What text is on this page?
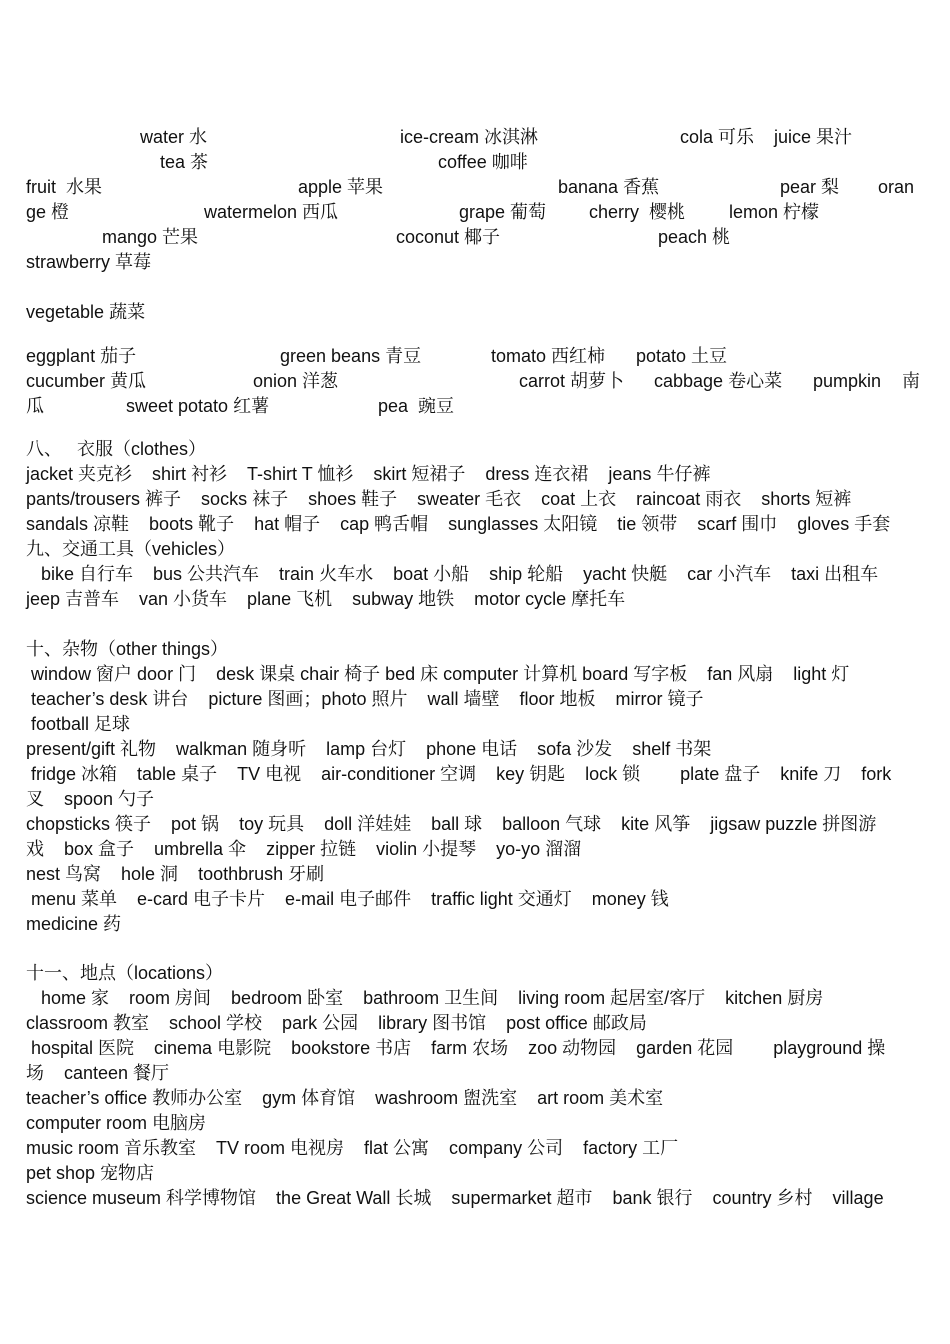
water 水	ice-cream 冰淇淋	cola 可乐    juice 果汁
tea 茶	coffee 咖啡
fruit  水果	apple 苹果	banana 香蕉	pear 梨 oran
ge 橙	watermelon 西瓜	grape 葡萄 cherry  樱桃 lemon 柠檬
mango 芒果	coconut 椰子	peach 桃
strawberry 草莓
vegetable 蔬菜
eggplant 茄子	green beans 青豆	tomato 西红柿 potato 土豆
cucumber 黄瓜	onion 洋葱	carrot 胡萝卜 cabbage 卷心菜 pumpkin 南
瓜	sweet potato 红薯	pea  豌豆
八、   衣服（clothes）
jacket 夹克衫    shirt 衬衫    T-shirt T 恤衫    skirt 短裙子    dress 连衣裙    jeans 牛仔裤
pants/trousers 裤子    socks 袜子    shoes 鞋子    sweater 毛衣    coat 上衣    raincoat 雨衣    shorts 短裤
sandals 凉鞋    boots 靴子    hat 帽子    cap 鸭舌帽    sunglasses 太阳镜    tie 领带    scarf 围巾    gloves 手套
九、交通工具（vehicles）
bike 自行车    bus 公共汽车    train 火车水    boat 小船    ship 轮船    yacht 快艇    car 小汽车    taxi 出租车
jeep 吉普车    van 小货车    plane 飞机    subway 地铁    motor cycle 摩托车
十、杂物（other things）
window 窗户 door 门    desk 课桌 chair 椅子 bed 床 computer 计算机 board 写字板    fan 风扇    light 灯
teacher’s desk 讲台    picture 图画；photo 照片    wall 墙壁    floor 地板    mirror 镜子
football 足球
present/gift 礼物    walkman 随身听    lamp 台灯    phone 电话    sofa 沙发    shelf 书架
fridge 冰箱    table 桌子    TV 电视    air-conditioner 空调    key 钥匙    lock 锁        plate 盘子    knife 刀    fork
叉    spoon 勺子
chopsticks 筷子    pot 锅    toy 玩具    doll 洋娃娃    ball 球    balloon 气球    kite 风筝    jigsaw puzzle 拼图游
戏    box 盒子    umbrella 伞    zipper 拉链    violin 小提琴    yo-yo 溜溜
nest 鸟窝    hole 洞    toothbrush 牙刷
menu 菜单    e-card 电子卡片    e-mail 电子邮件    traffic light 交通灯    money 钱
medicine 药
十一、地点（locations）
home 家    room 房间    bedroom 卧室    bathroom 卫生间    living room 起居室/客厅    kitchen 厨房
classroom 教室    school 学校    park 公园    library 图书馆    post office 邮政局
hospital 医院    cinema 电影院    bookstore 书店    farm 农场    zoo 动物园    garden 花园        playground 操
场    canteen 餐厅
teacher’s office 教师办公室    gym 体育馆    washroom 盥洗室    art room 美术室
computer room 电脑房
music room 音乐教室    TV room 电视房    flat 公寓    company 公司    factory 工厂
pet shop 宠物店
science museum 科学博物馆    the Great Wall 长城    supermarket 超市    bank 银行    country 乡村    village
